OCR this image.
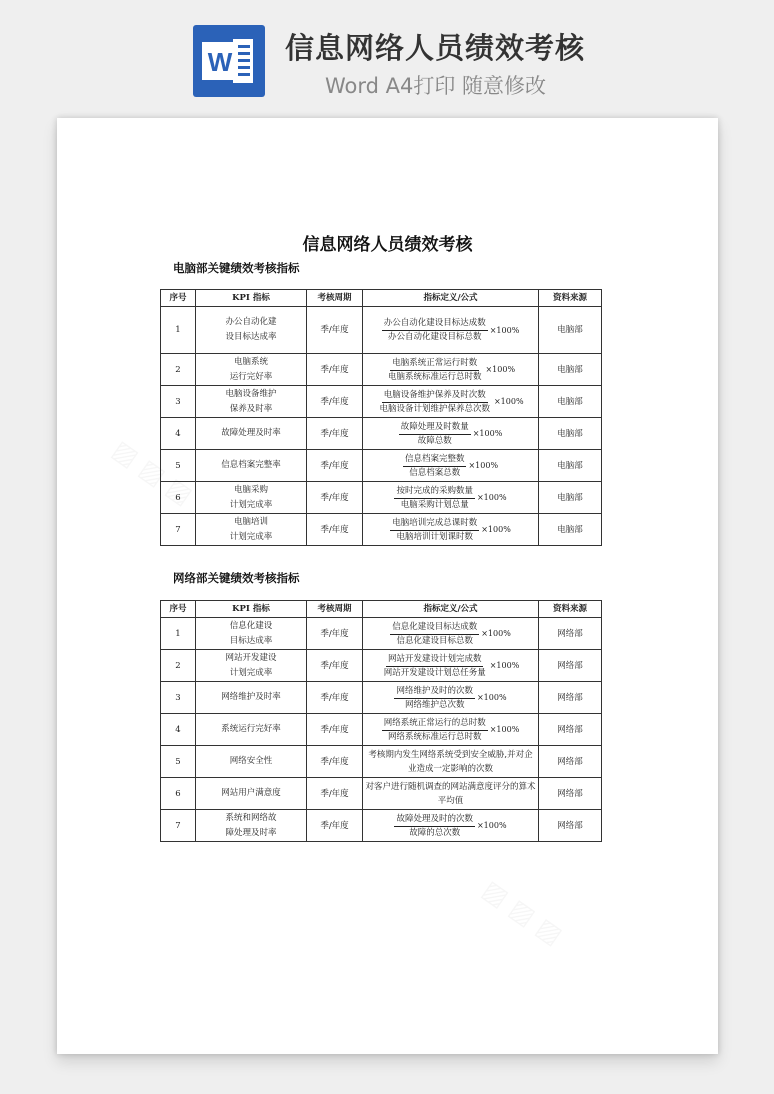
W 信息网络人员绩效考核
Word A4打印 随意修改
信息网络人员绩效考核
电脑部关键绩效考核指标
序号	KPI 指标	考核周期	指标定义/公式	资料来源
1	办公自动化建
设目标达成率	季/年度	$\frac{\text{办公自动化建设目标达成数}}{\text{办公自动化建设目标总数}} \times 100\%$	电脑部
2	电脑系统
运行完好率	季/年度	$\frac{\text{电脑系统正常运行时数}}{\text{电脑系统标准运行总时数}} \times 100\%$	电脑部
3	电脑设备维护
保养及时率	季/年度	$\frac{\text{电脑设备维护保养及时次数}}{\text{电脑设备计划维护保养总次数}} \times 100\%$	电脑部
4	故障处理及时率	季/年度	$\frac{\text{故障处理及时数量}}{\text{故障总数}} \times 100\%$	电脑部
5	信息档案完整率	季/年度	$\frac{\text{信息档案完整数}}{\text{信息档案总数}} \times 100\%$	电脑部
6	电脑采购
计划完成率	季/年度	$\frac{\text{按时完成的采购数量}}{\text{电脑采购计划总量}} \times 100\%$	电脑部
7	电脑培训
计划完成率	季/年度	$\frac{\text{电脑培训完成总课时数}}{\text{电脑培训计划课时数}} \times 100\%$	电脑部
网络部关键绩效考核指标
序号	KPI 指标	考核周期	指标定义/公式	资料来源
1	信息化建设
目标达成率	季/年度	$\frac{\text{信息化建设目标达成数}}{\text{信息化建设目标总数}} \times 100\%$	网络部
2	网站开发建设
计划完成率	季/年度	$\frac{\text{网站开发建设计划完成数}}{\text{网站开发建设计划总任务量}} \times 100\%$	网络部
3	网络维护及时率	季/年度	$\frac{\text{网络维护及时的次数}}{\text{网络维护总次数}} \times 100\%$	网络部
4	系统运行完好率	季/年度	$\frac{\text{网络系统正常运行的总时数}}{\text{网络系统标准运行总时数}} \times 100\%$	网络部
5	网络安全性	季/年度	考核期内发生网络系统受到安全威胁,并对企业造成一定影响的次数	网络部
6	网站用户满意度	季/年度	对客户进行随机调查的网站满意度评分的算术平均值	网络部
7	系统和网络故
障处理及时率	季/年度	$\frac{\text{故障处理及时的次数}}{\text{故障的总次数}} \times 100\%$	网络部
